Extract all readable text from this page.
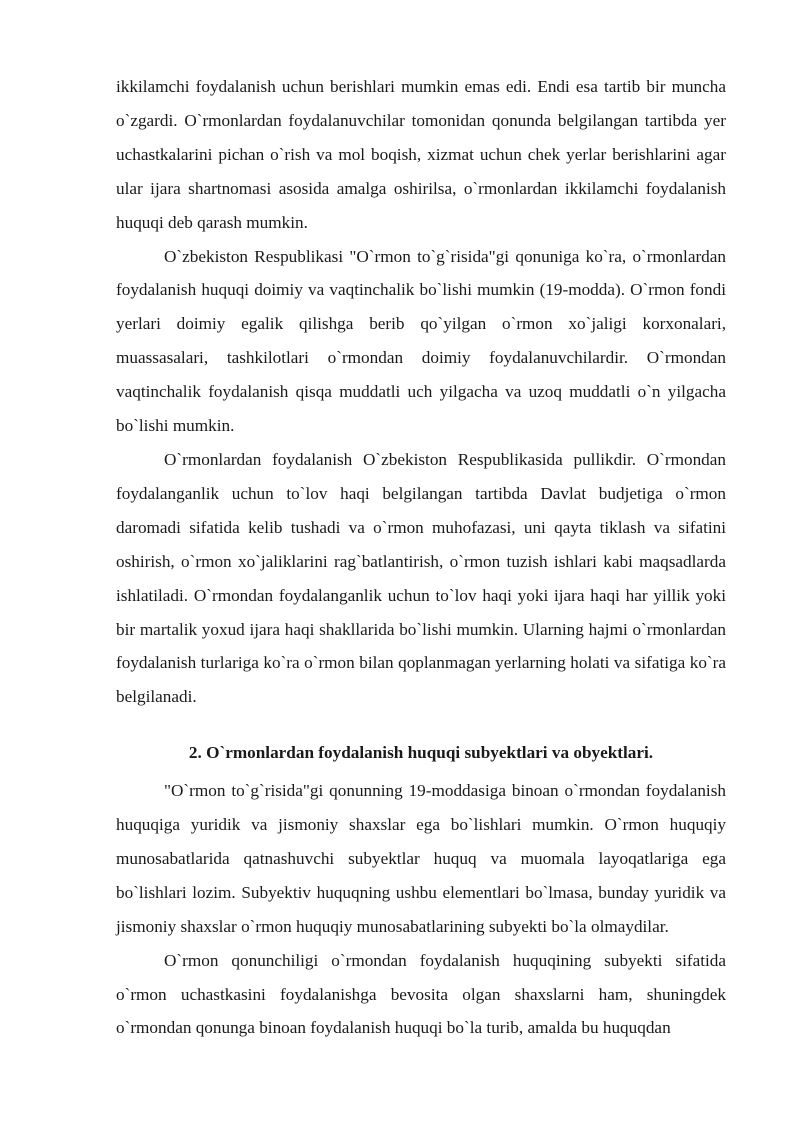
ikkilamchi foydalanish uchun berishlari mumkin emas edi. Endi esa tartib bir muncha o`zgardi. O`rmonlardan foydalanuvchilar tomonidan qonunda belgilangan tartibda yer uchastkalarini pichan o`rish va mol boqish, xizmat uchun chek yerlar berishlarini agar ular ijara shartnomasi asosida amalga oshirilsa, o`rmonlardan ikkilamchi foydalanish huquqi deb qarash mumkin.

O`zbekiston Respublikasi "O`rmon to`g`risida"gi qonuniga ko`ra, o`rmonlardan foydalanish huquqi doimiy va vaqtinchalik bo`lishi mumkin (19-modda). O`rmon fondi yerlari doimiy egalik qilishga berib qo`yilgan o`rmon xo`jaligi korxonalari, muassasalari, tashkilotlari o`rmondan doimiy foydalanuvchilardir. O`rmondan vaqtinchalik foydalanish qisqa muddatli uch yilgacha va uzoq muddatli o`n yilgacha bo`lishi mumkin.

O`rmonlardan foydalanish O`zbekiston Respublikasida pullikdir. O`rmondan foydalanganlik uchun to`lov haqi belgilangan tartibda Davlat budjetiga o`rmon daromadi sifatida kelib tushadi va o`rmon muhofazasi, uni qayta tiklash va sifatini oshirish, o`rmon xo`jaliklarini rag`batlantirish, o`rmon tuzish ishlari kabi maqsadlarda ishlatiladi. O`rmondan foydalanganlik uchun to`lov haqi yoki ijara haqi har yillik yoki bir martalik yoxud ijara haqi shakllarida bo`lishi mumkin. Ularning hajmi o`rmonlardan foydalanish turlariga ko`ra o`rmon bilan qoplanmagan yerlarning holati va sifatiga ko`ra belgilanadi.

2. O`rmonlardan foydalanish huquqi subyektlari va obyektlari.

"O`rmon to`g`risida"gi qonunning 19-moddasiga binoan o`rmondan foydalanish huquqiga yuridik va jismoniy shaxslar ega bo`lishlari mumkin. O`rmon huquqiy munosabatlarida qatnashuvchi subyektlar huquq va muomala layoqatlariga ega bo`lishlari lozim. Subyektiv huquqning ushbu elementlari bo`lmasa, bunday yuridik va jismoniy shaxslar o`rmon huquqiy munosabatlarining subyekti bo`la olmaydilar.

O`rmon qonunchiligi o`rmondan foydalanish huquqining subyekti sifatida o`rmon uchastkasini foydalanishga bevosita olgan shaxslarni ham, shuningdek o`rmondan qonunga binoan foydalanish huquqi bo`la turib, amalda bu huquqdan
